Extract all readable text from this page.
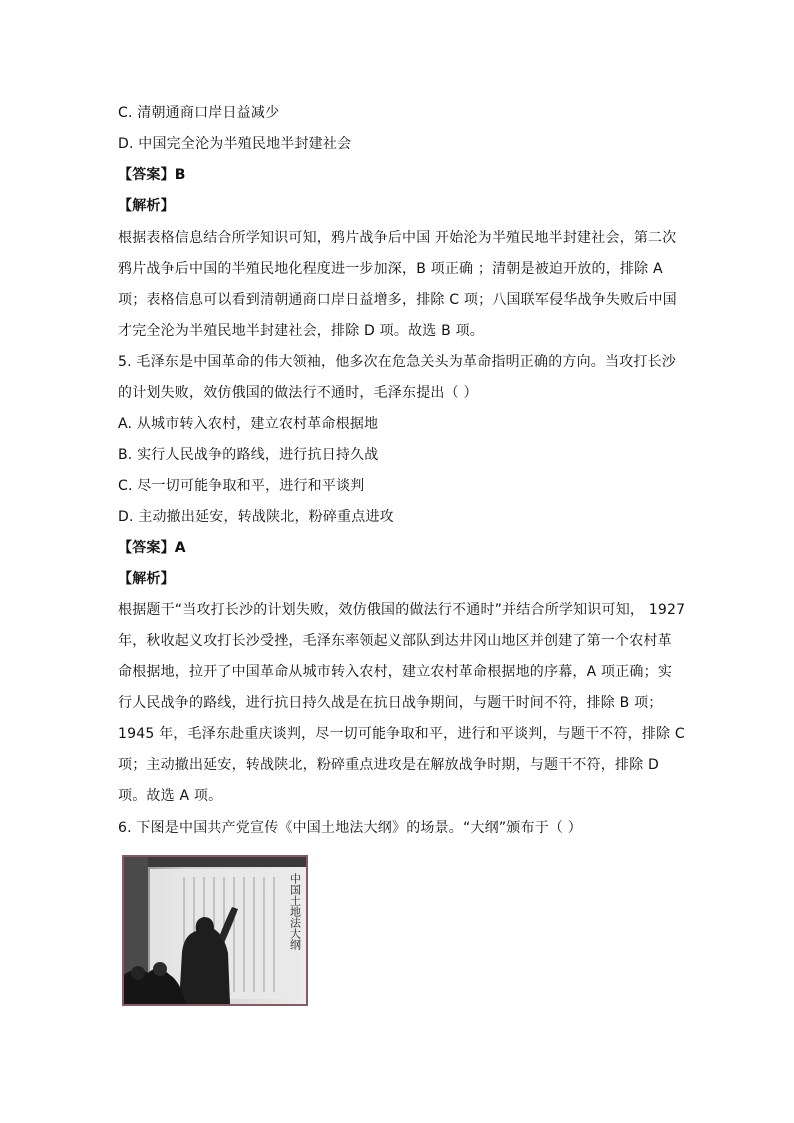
C. 清朝通商口岸日益减少
D. 中国完全沦为半殖民地半封建社会
【答案】B
【解析】
根据表格信息结合所学知识可知，鸦片战争后中国 开始沦为半殖民地半封建社会，第二次
鸦片战争后中国的半殖民地化程度进一步加深，B 项正确 ；清朝是被迫开放的，排除 A
项；表格信息可以看到清朝通商口岸日益增多，排除 C 项；八国联军侵华战争失败后中国
才完全沦为半殖民地半封建社会，排除 D 项。故选 B 项。
5. 毛泽东是中国革命的伟大领袖，他多次在危急关头为革命指明正确的方向。当攻打长沙
的计划失败，效仿俄国的做法行不通时，毛泽东提出（ ）
A. 从城市转入农村，建立农村革命根据地
B. 实行人民战争的路线，进行抗日持久战
C. 尽一切可能争取和平，进行和平谈判
D. 主动撤出延安，转战陕北，粉碎重点进攻
【答案】A
【解析】
根据题干“当攻打长沙的计划失败，效仿俄国的做法行不通时”并结合所学知识可知， 1927
年，秋收起义攻打长沙受挫，毛泽东率领起义部队到达井冈山地区并创建了第一个农村革
命根据地，拉开了中国革命从城市转入农村，建立农村革命根据地的序幕，A 项正确；实
行人民战争的路线，进行抗日持久战是在抗日战争期间，与题干时间不符，排除 B 项；
1945 年，毛泽东赴重庆谈判，尽一切可能争取和平，进行和平谈判，与题干不符，排除 C
项；主动撤出延安，转战陕北，粉碎重点进攻是在解放战争时期，与题干不符，排除 D
项。故选 A 项。
6. 下图是中国共产党宣传《中国土地法大纲》的场景。“大纲”颁布于（ ）
中国土地法大纲
